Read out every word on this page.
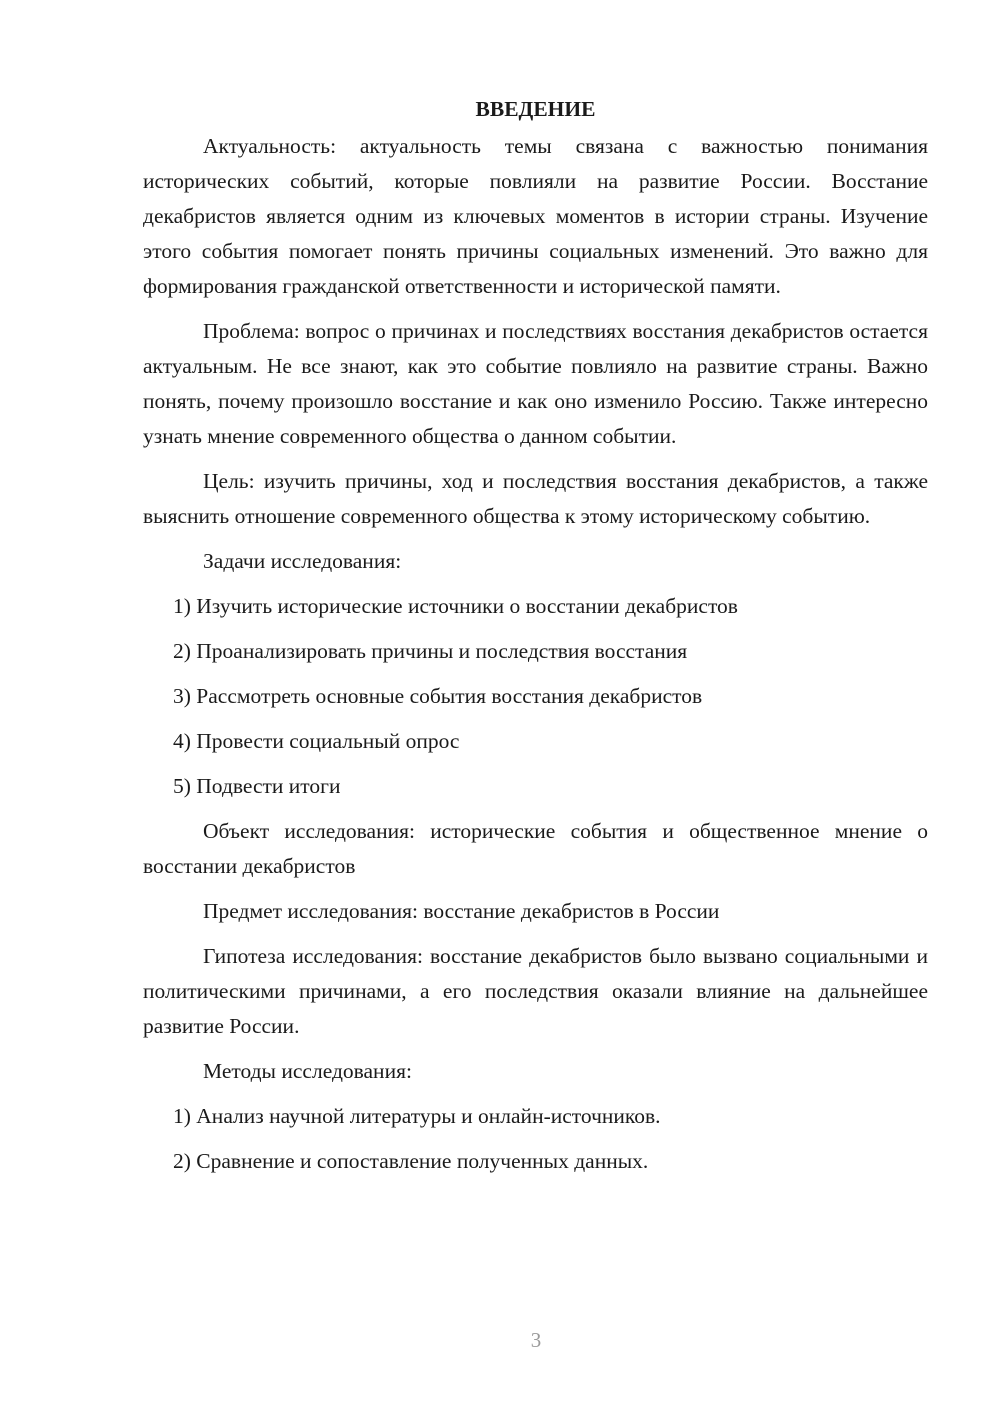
ВВЕДЕНИЕ

Актуальность: актуальность темы связана с важностью понимания исторических событий, которые повлияли на развитие России. Восстание декабристов является одним из ключевых моментов в истории страны. Изучение этого события помогает понять причины социальных изменений. Это важно для формирования гражданской ответственности и исторической памяти.

Проблема: вопрос о причинах и последствиях восстания декабристов остается актуальным. Не все знают, как это событие повлияло на развитие страны. Важно понять, почему произошло восстание и как оно изменило Россию. Также интересно узнать мнение современного общества о данном событии.

Цель: изучить причины, ход и последствия восстания декабристов, а также выяснить отношение современного общества к этому историческому событию.

Задачи исследования:

1) Изучить исторические источники о восстании декабристов

2) Проанализировать причины и последствия восстания

3) Рассмотреть основные события восстания декабристов

4) Провести социальный опрос

5) Подвести итоги

Объект исследования: исторические события и общественное мнение о восстании декабристов

Предмет исследования: восстание декабристов в России

Гипотеза исследования: восстание декабристов было вызвано социальными и политическими причинами, а его последствия оказали влияние на дальнейшее развитие России.

Методы исследования:

1) Анализ научной литературы и онлайн-источников.

2) Сравнение и сопоставление полученных данных.

3
